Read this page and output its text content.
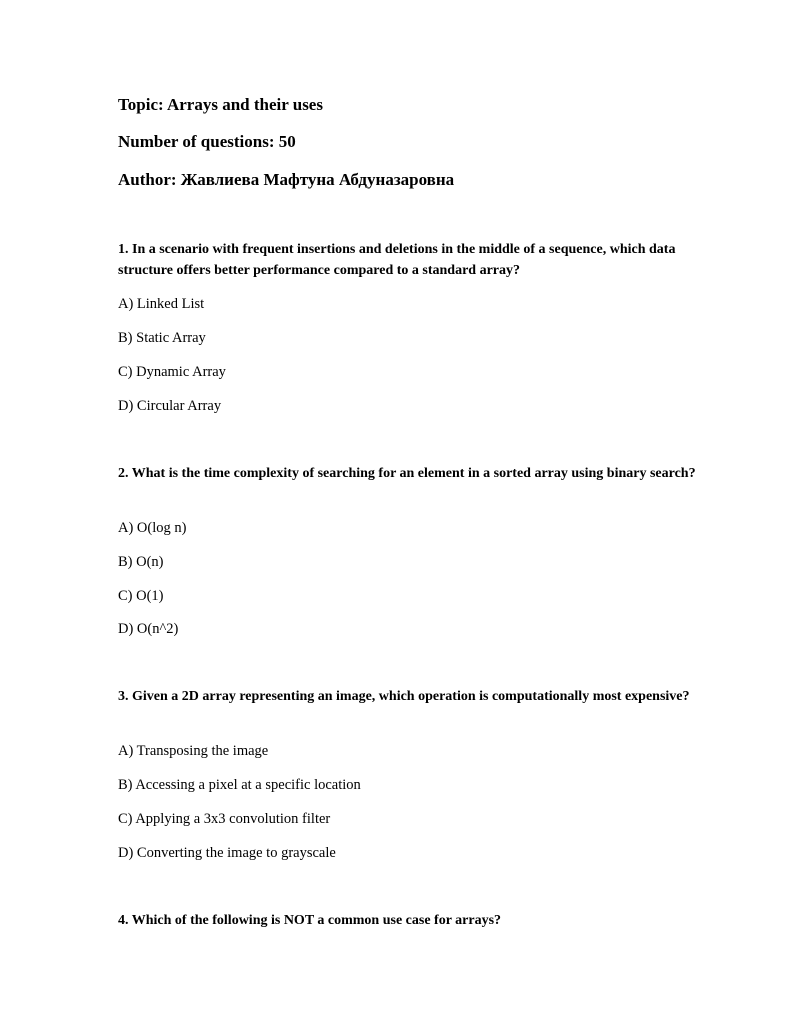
Topic: Arrays and their uses
Number of questions: 50
Author: Жавлиева Мафтуна Абдуназаровна
1. In a scenario with frequent insertions and deletions in the middle of a sequence, which data structure offers better performance compared to a standard array?
A) Linked List
B) Static Array
C) Dynamic Array
D) Circular Array
2. What is the time complexity of searching for an element in a sorted array using binary search?
A) O(log n)
B) O(n)
C) O(1)
D) O(n^2)
3. Given a 2D array representing an image, which operation is computationally most expensive?
A) Transposing the image
B) Accessing a pixel at a specific location
C) Applying a 3x3 convolution filter
D) Converting the image to grayscale
4. Which of the following is NOT a common use case for arrays?
